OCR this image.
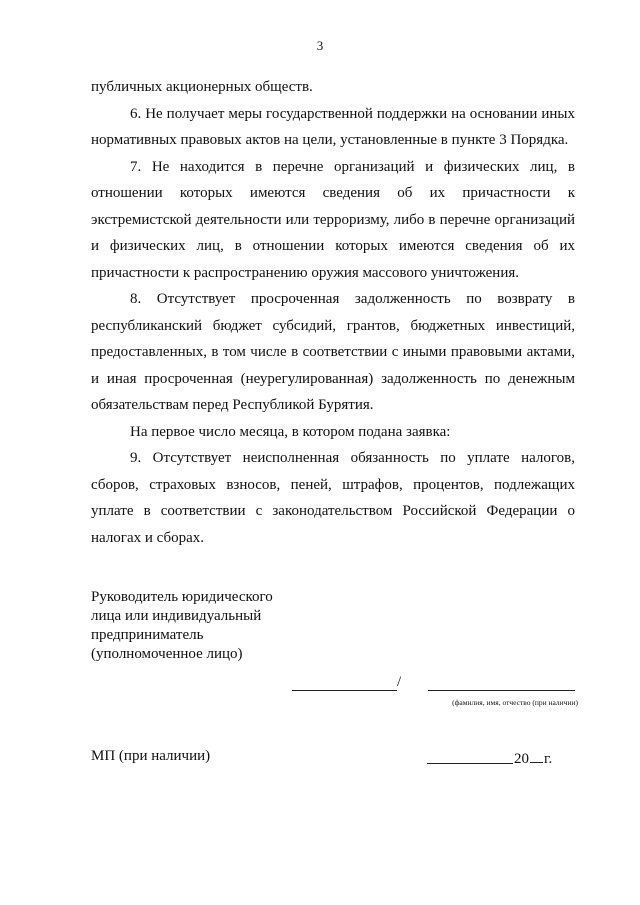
3

публичных акционерных обществ.

6. Не получает меры государственной поддержки на основании иных нормативных правовых актов на цели, установленные в пункте 3 Порядка.

7. Не находится в перечне организаций и физических лиц, в отношении которых имеются сведения об их причастности к экстремистской деятельности или терроризму, либо в перечне организаций и физических лиц, в отношении которых имеются сведения об их причастности к распространению оружия массового уничтожения.

8. Отсутствует просроченная задолженность по возврату в республиканский бюджет субсидий, грантов, бюджетных инвестиций, предоставленных, в том числе в соответствии с иными правовыми актами, и иная просроченная (неурегулированная) задолженность по денежным обязательствам перед Республикой Бурятия.

На первое число месяца, в котором подана заявка:

9. Отсутствует неисполненная обязанность по уплате налогов, сборов, страховых взносов, пеней, штрафов, процентов, подлежащих уплате в соответствии с законодательством Российской Федерации о налогах и сборах.

Руководитель юридического
лица или индивидуальный
предприниматель
(уполномоченное лицо)
/
(фамилия, имя, отчество (при наличии)
МП (при наличии)	20 г.
